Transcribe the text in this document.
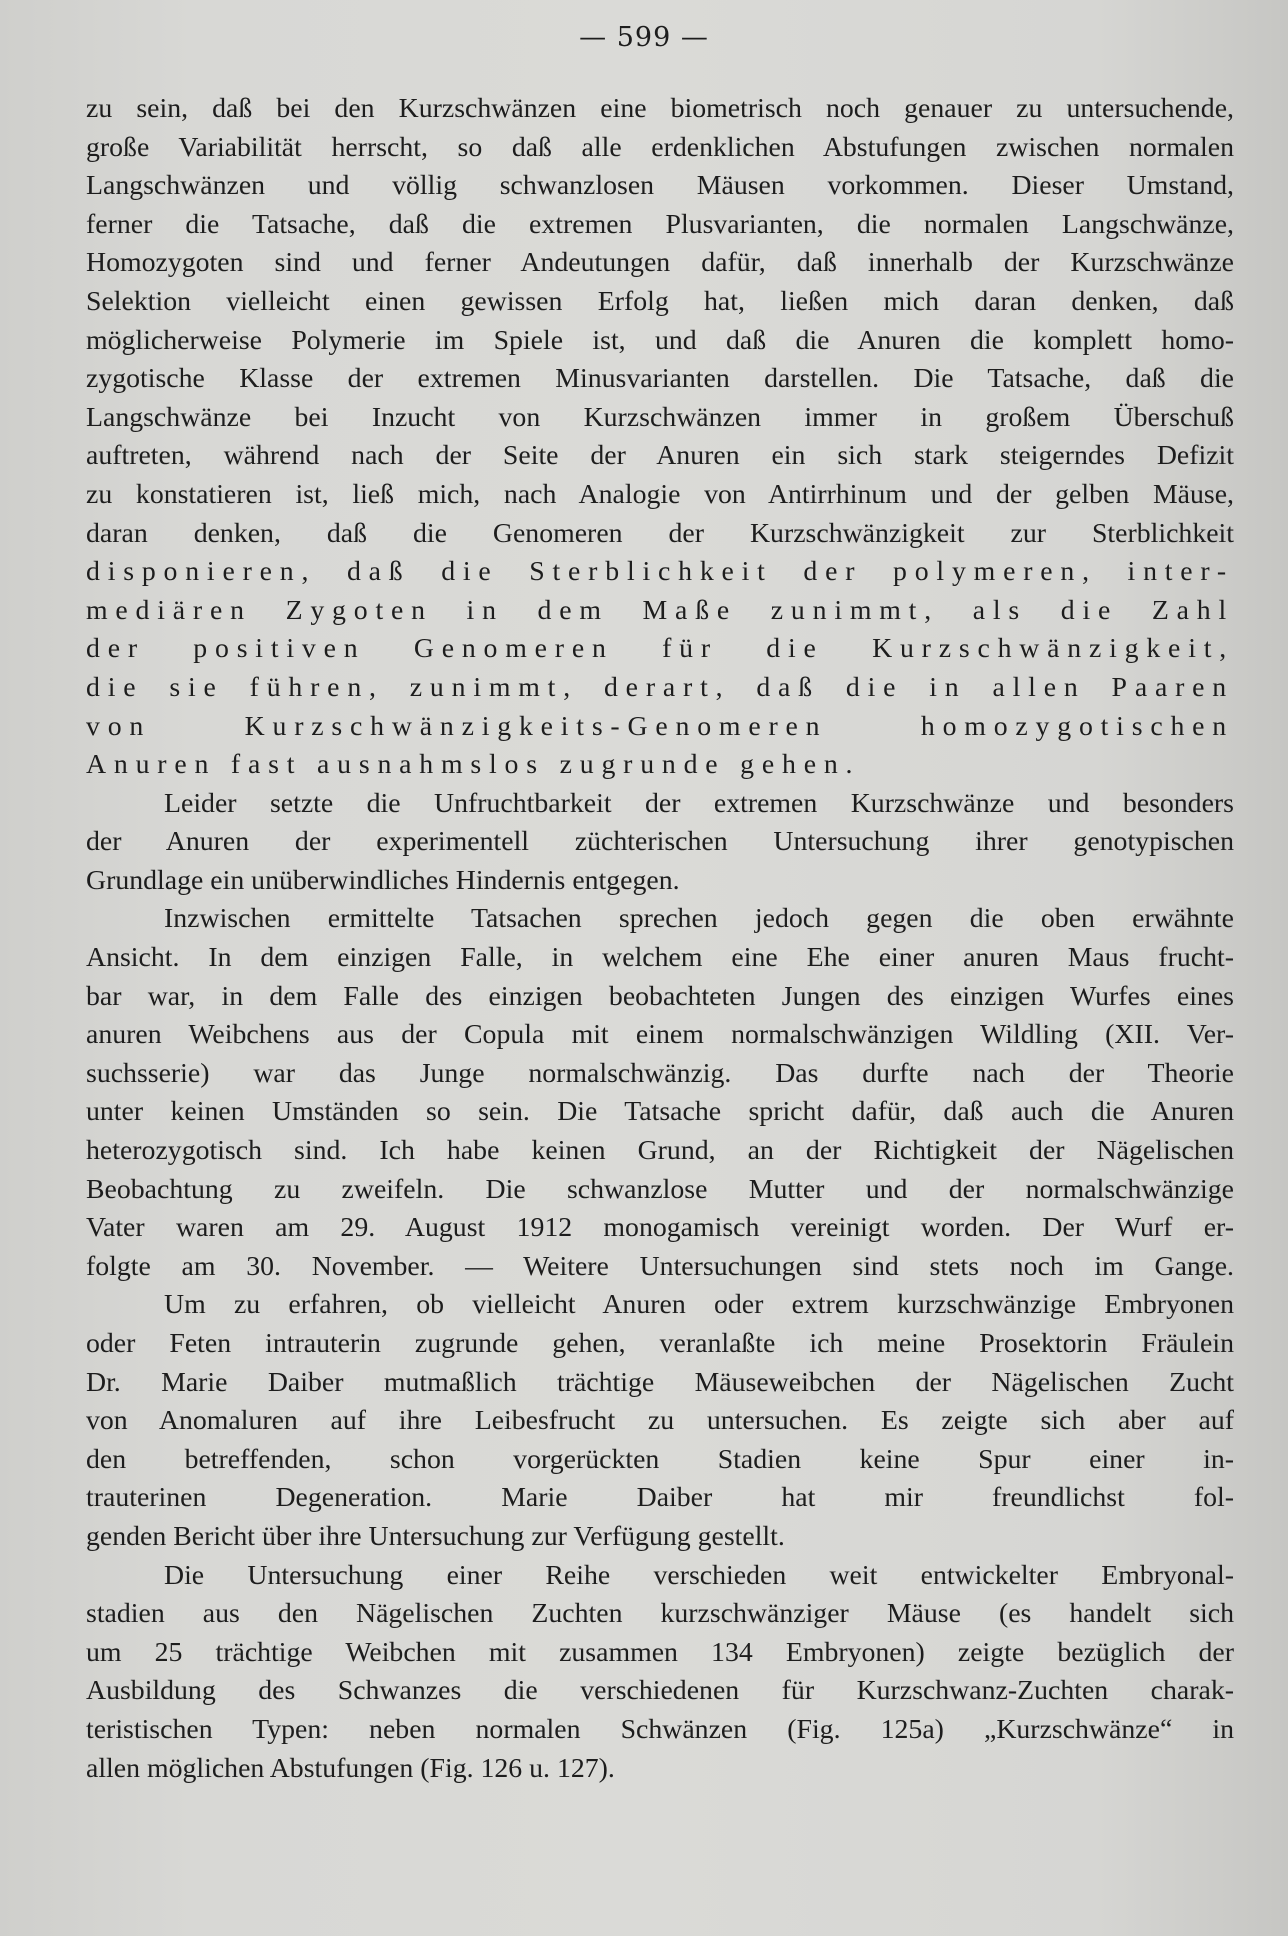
— 599 —
zu sein, daß bei den Kurzschwänzen eine biometrisch noch genauer zu untersuchende,
große Variabilität herrscht, so daß alle erdenklichen Abstufungen zwischen normalen
Langschwänzen und völlig schwanzlosen Mäusen vorkommen. Dieser Umstand,
ferner die Tatsache, daß die extremen Plusvarianten, die normalen Langschwänze,
Homozygoten sind und ferner Andeutungen dafür, daß innerhalb der Kurzschwänze
Selektion vielleicht einen gewissen Erfolg hat, ließen mich daran denken, daß
möglicherweise Polymerie im Spiele ist, und daß die Anuren die komplett homo-
zygotische Klasse der extremen Minusvarianten darstellen. Die Tatsache, daß die
Langschwänze bei Inzucht von Kurzschwänzen immer in großem Überschuß
auftreten, während nach der Seite der Anuren ein sich stark steigerndes Defizit
zu konstatieren ist, ließ mich, nach Analogie von Antirrhinum und der gelben Mäuse,
daran denken, daß die Genomeren der Kurzschwänzigkeit zur Sterblichkeit
disponieren, daß die Sterblichkeit der polymeren, inter-
mediären Zygoten in dem Maße zunimmt, als die Zahl
der positiven Genomeren für die Kurzschwänzigkeit,
die sie führen, zunimmt, derart, daß die in allen Paaren
von Kurzschwänzigkeits-Genomeren homozygotischen
Anuren fast ausnahmslos zugrunde gehen.
Leider setzte die Unfruchtbarkeit der extremen Kurzschwänze und besonders
der Anuren der experimentell züchterischen Untersuchung ihrer genotypischen
Grundlage ein unüberwindliches Hindernis entgegen.
Inzwischen ermittelte Tatsachen sprechen jedoch gegen die oben erwähnte
Ansicht. In dem einzigen Falle, in welchem eine Ehe einer anuren Maus frucht-
bar war, in dem Falle des einzigen beobachteten Jungen des einzigen Wurfes eines
anuren Weibchens aus der Copula mit einem normalschwänzigen Wildling (XII. Ver-
suchsserie) war das Junge normalschwänzig. Das durfte nach der Theorie
unter keinen Umständen so sein. Die Tatsache spricht dafür, daß auch die Anuren
heterozygotisch sind. Ich habe keinen Grund, an der Richtigkeit der Nägelischen
Beobachtung zu zweifeln. Die schwanzlose Mutter und der normalschwänzige
Vater waren am 29. August 1912 monogamisch vereinigt worden. Der Wurf er-
folgte am 30. November. — Weitere Untersuchungen sind stets noch im Gange.
Um zu erfahren, ob vielleicht Anuren oder extrem kurzschwänzige Embryonen
oder Feten intrauterin zugrunde gehen, veranlaßte ich meine Prosektorin Fräulein
Dr. Marie Daiber mutmaßlich trächtige Mäuseweibchen der Nägelischen Zucht
von Anomaluren auf ihre Leibesfrucht zu untersuchen. Es zeigte sich aber auf
den betreffenden, schon vorgerückten Stadien keine Spur einer in-
trauterinen Degeneration. Marie Daiber hat mir freundlichst fol-
genden Bericht über ihre Untersuchung zur Verfügung gestellt.
Die Untersuchung einer Reihe verschieden weit entwickelter Embryonal-
stadien aus den Nägelischen Zuchten kurzschwänziger Mäuse (es handelt sich
um 25 trächtige Weibchen mit zusammen 134 Embryonen) zeigte bezüglich der
Ausbildung des Schwanzes die verschiedenen für Kurzschwanz-Zuchten charak-
teristischen Typen: neben normalen Schwänzen (Fig. 125a) „Kurzschwänze“ in
allen möglichen Abstufungen (Fig. 126 u. 127).
